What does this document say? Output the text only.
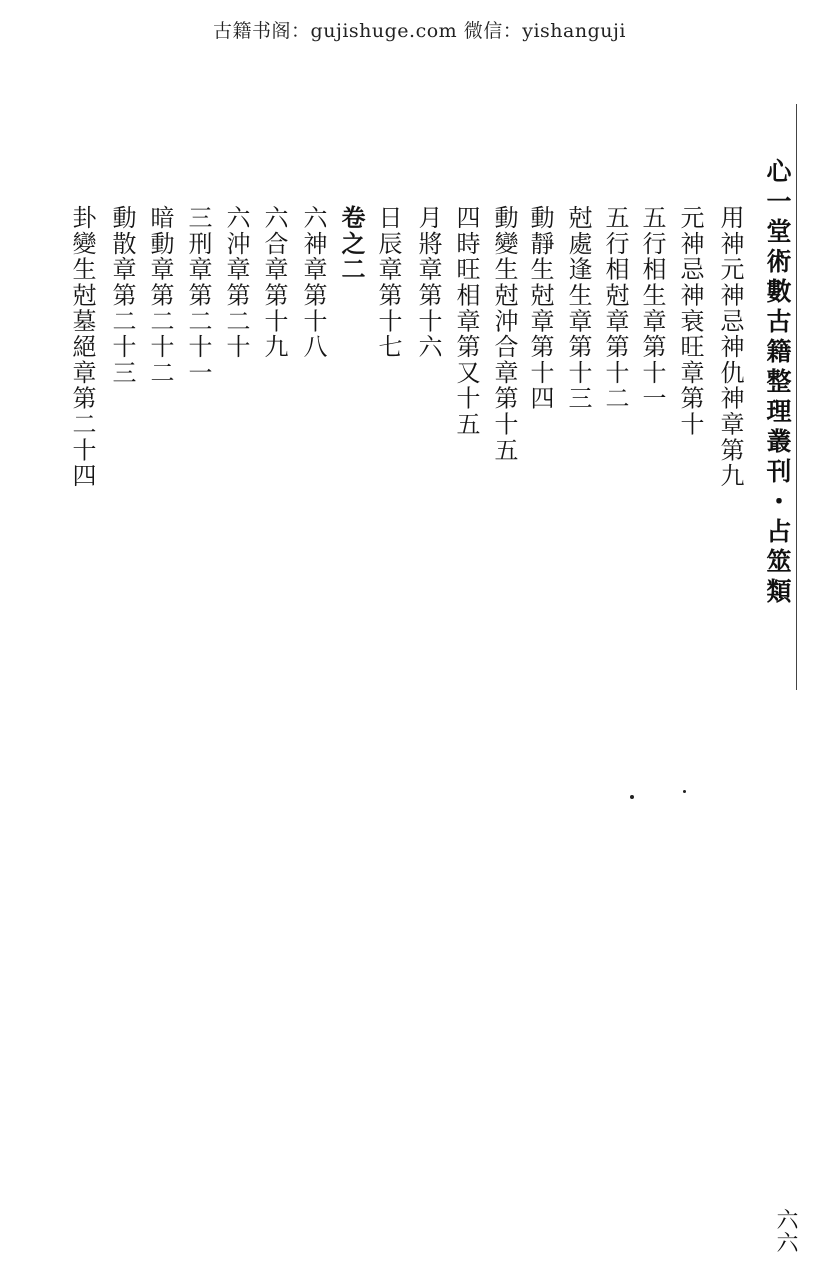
古籍书阁：gujishuge.com 微信：yishanguji
心一堂術數古籍整理叢刊・占筮類
用神元神忌神仇神章第九
元神忌神衰旺章第十
五行相生章第十一
五行相尅章第十二
尅處逢生章第十三
動靜生尅章第十四
動變生尅沖合章第十五
四時旺相章第又十五
月將章第十六
日辰章第十七
卷之二
六神章第十八
六合章第十九
六沖章第二十
三刑章第二十一
暗動章第二十二
動散章第二十三
卦變生尅墓絕章第二十四
六六
